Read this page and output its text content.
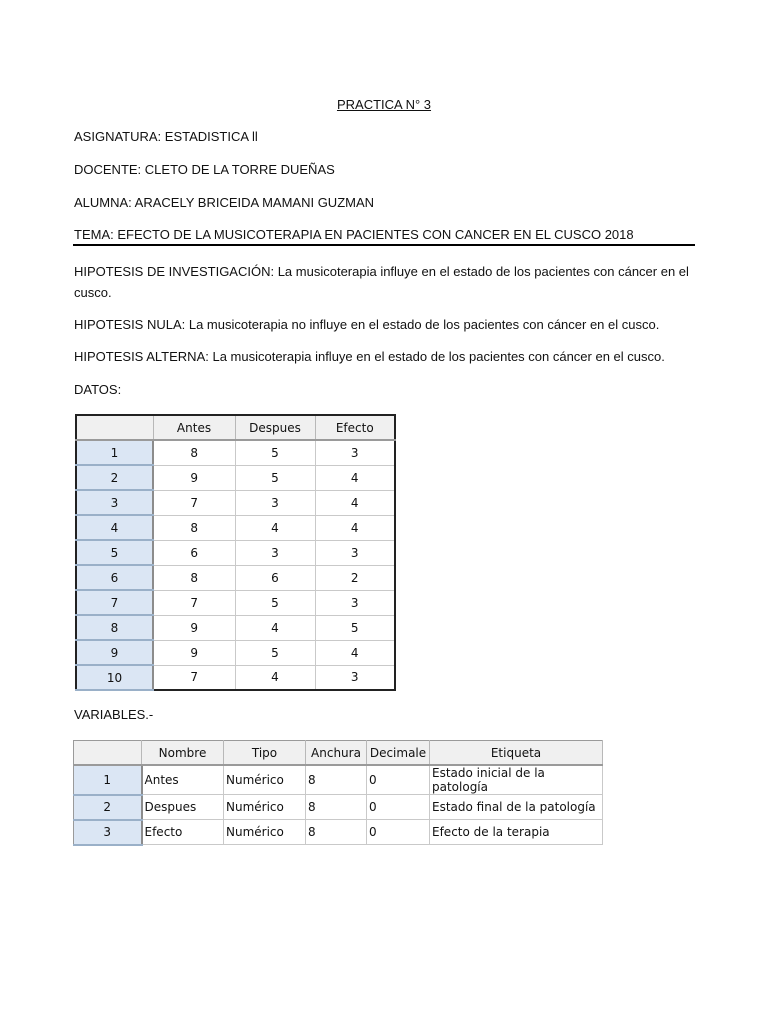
PRACTICA N° 3
ASIGNATURA: ESTADISTICA ll
DOCENTE: CLETO DE LA TORRE DUEÑAS
ALUMNA: ARACELY BRICEIDA MAMANI GUZMAN
TEMA: EFECTO DE LA MUSICOTERAPIA EN PACIENTES CON CANCER EN EL CUSCO 2018
HIPOTESIS DE INVESTIGACIÓN: La musicoterapia influye en el estado de los pacientes con cáncer en el cusco.
HIPOTESIS NULA: La musicoterapia no influye en el estado de los pacientes con cáncer en el cusco.
HIPOTESIS ALTERNA: La musicoterapia influye en el estado de los pacientes con cáncer en el cusco.
DATOS:
	Antes	Despues	Efecto
1	8	5	3
2	9	5	4
3	7	3	4
4	8	4	4
5	6	3	3
6	8	6	2
7	7	5	3
8	9	4	5
9	9	5	4
10	7	4	3
VARIABLES.-
	Nombre	Tipo	Anchura	Decimale	Etiqueta
1	Antes	Numérico	8	0	Estado inicial de la patología
2	Despues	Numérico	8	0	Estado final de la patología
3	Efecto	Numérico	8	0	Efecto de la terapia
